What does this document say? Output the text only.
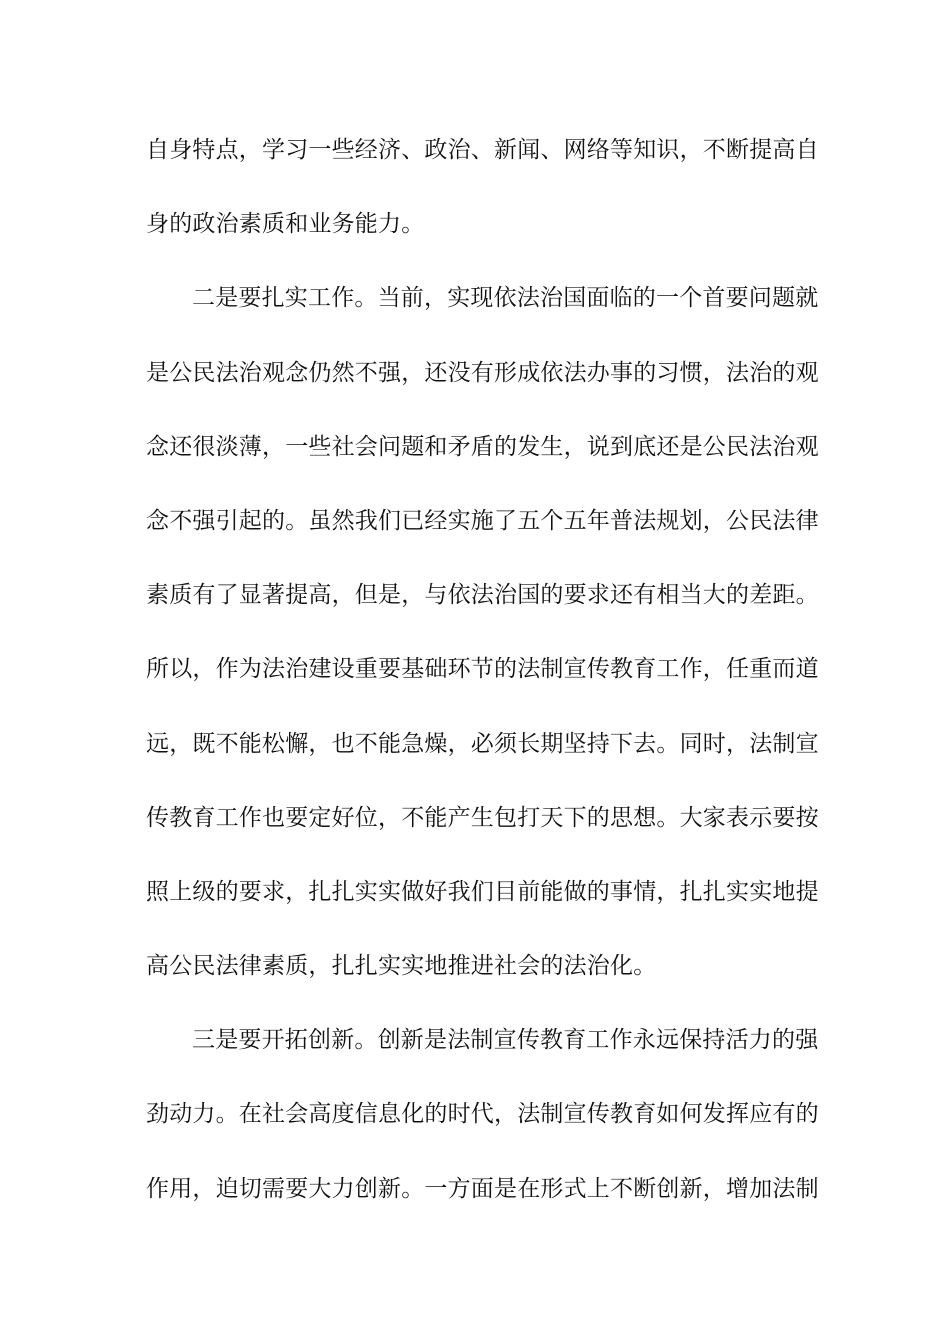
自身特点，学习一些经济、政治、新闻、网络等知识，不断提高自
身的政治素质和业务能力。
二是要扎实工作。当前，实现依法治国面临的一个首要问题就
是公民法治观念仍然不强，还没有形成依法办事的习惯，法治的观
念还很淡薄，一些社会问题和矛盾的发生，说到底还是公民法治观
念不强引起的。虽然我们已经实施了五个五年普法规划，公民法律
素质有了显著提高，但是，与依法治国的要求还有相当大的差距。
所以，作为法治建设重要基础环节的法制宣传教育工作，任重而道
远，既不能松懈，也不能急燥，必须长期坚持下去。同时，法制宣
传教育工作也要定好位，不能产生包打天下的思想。大家表示要按
照上级的要求，扎扎实实做好我们目前能做的事情，扎扎实实地提
高公民法律素质，扎扎实实地推进社会的法治化。
三是要开拓创新。创新是法制宣传教育工作永远保持活力的强
劲动力。在社会高度信息化的时代，法制宣传教育如何发挥应有的
作用，迫切需要大力创新。一方面是在形式上不断创新，增加法制
